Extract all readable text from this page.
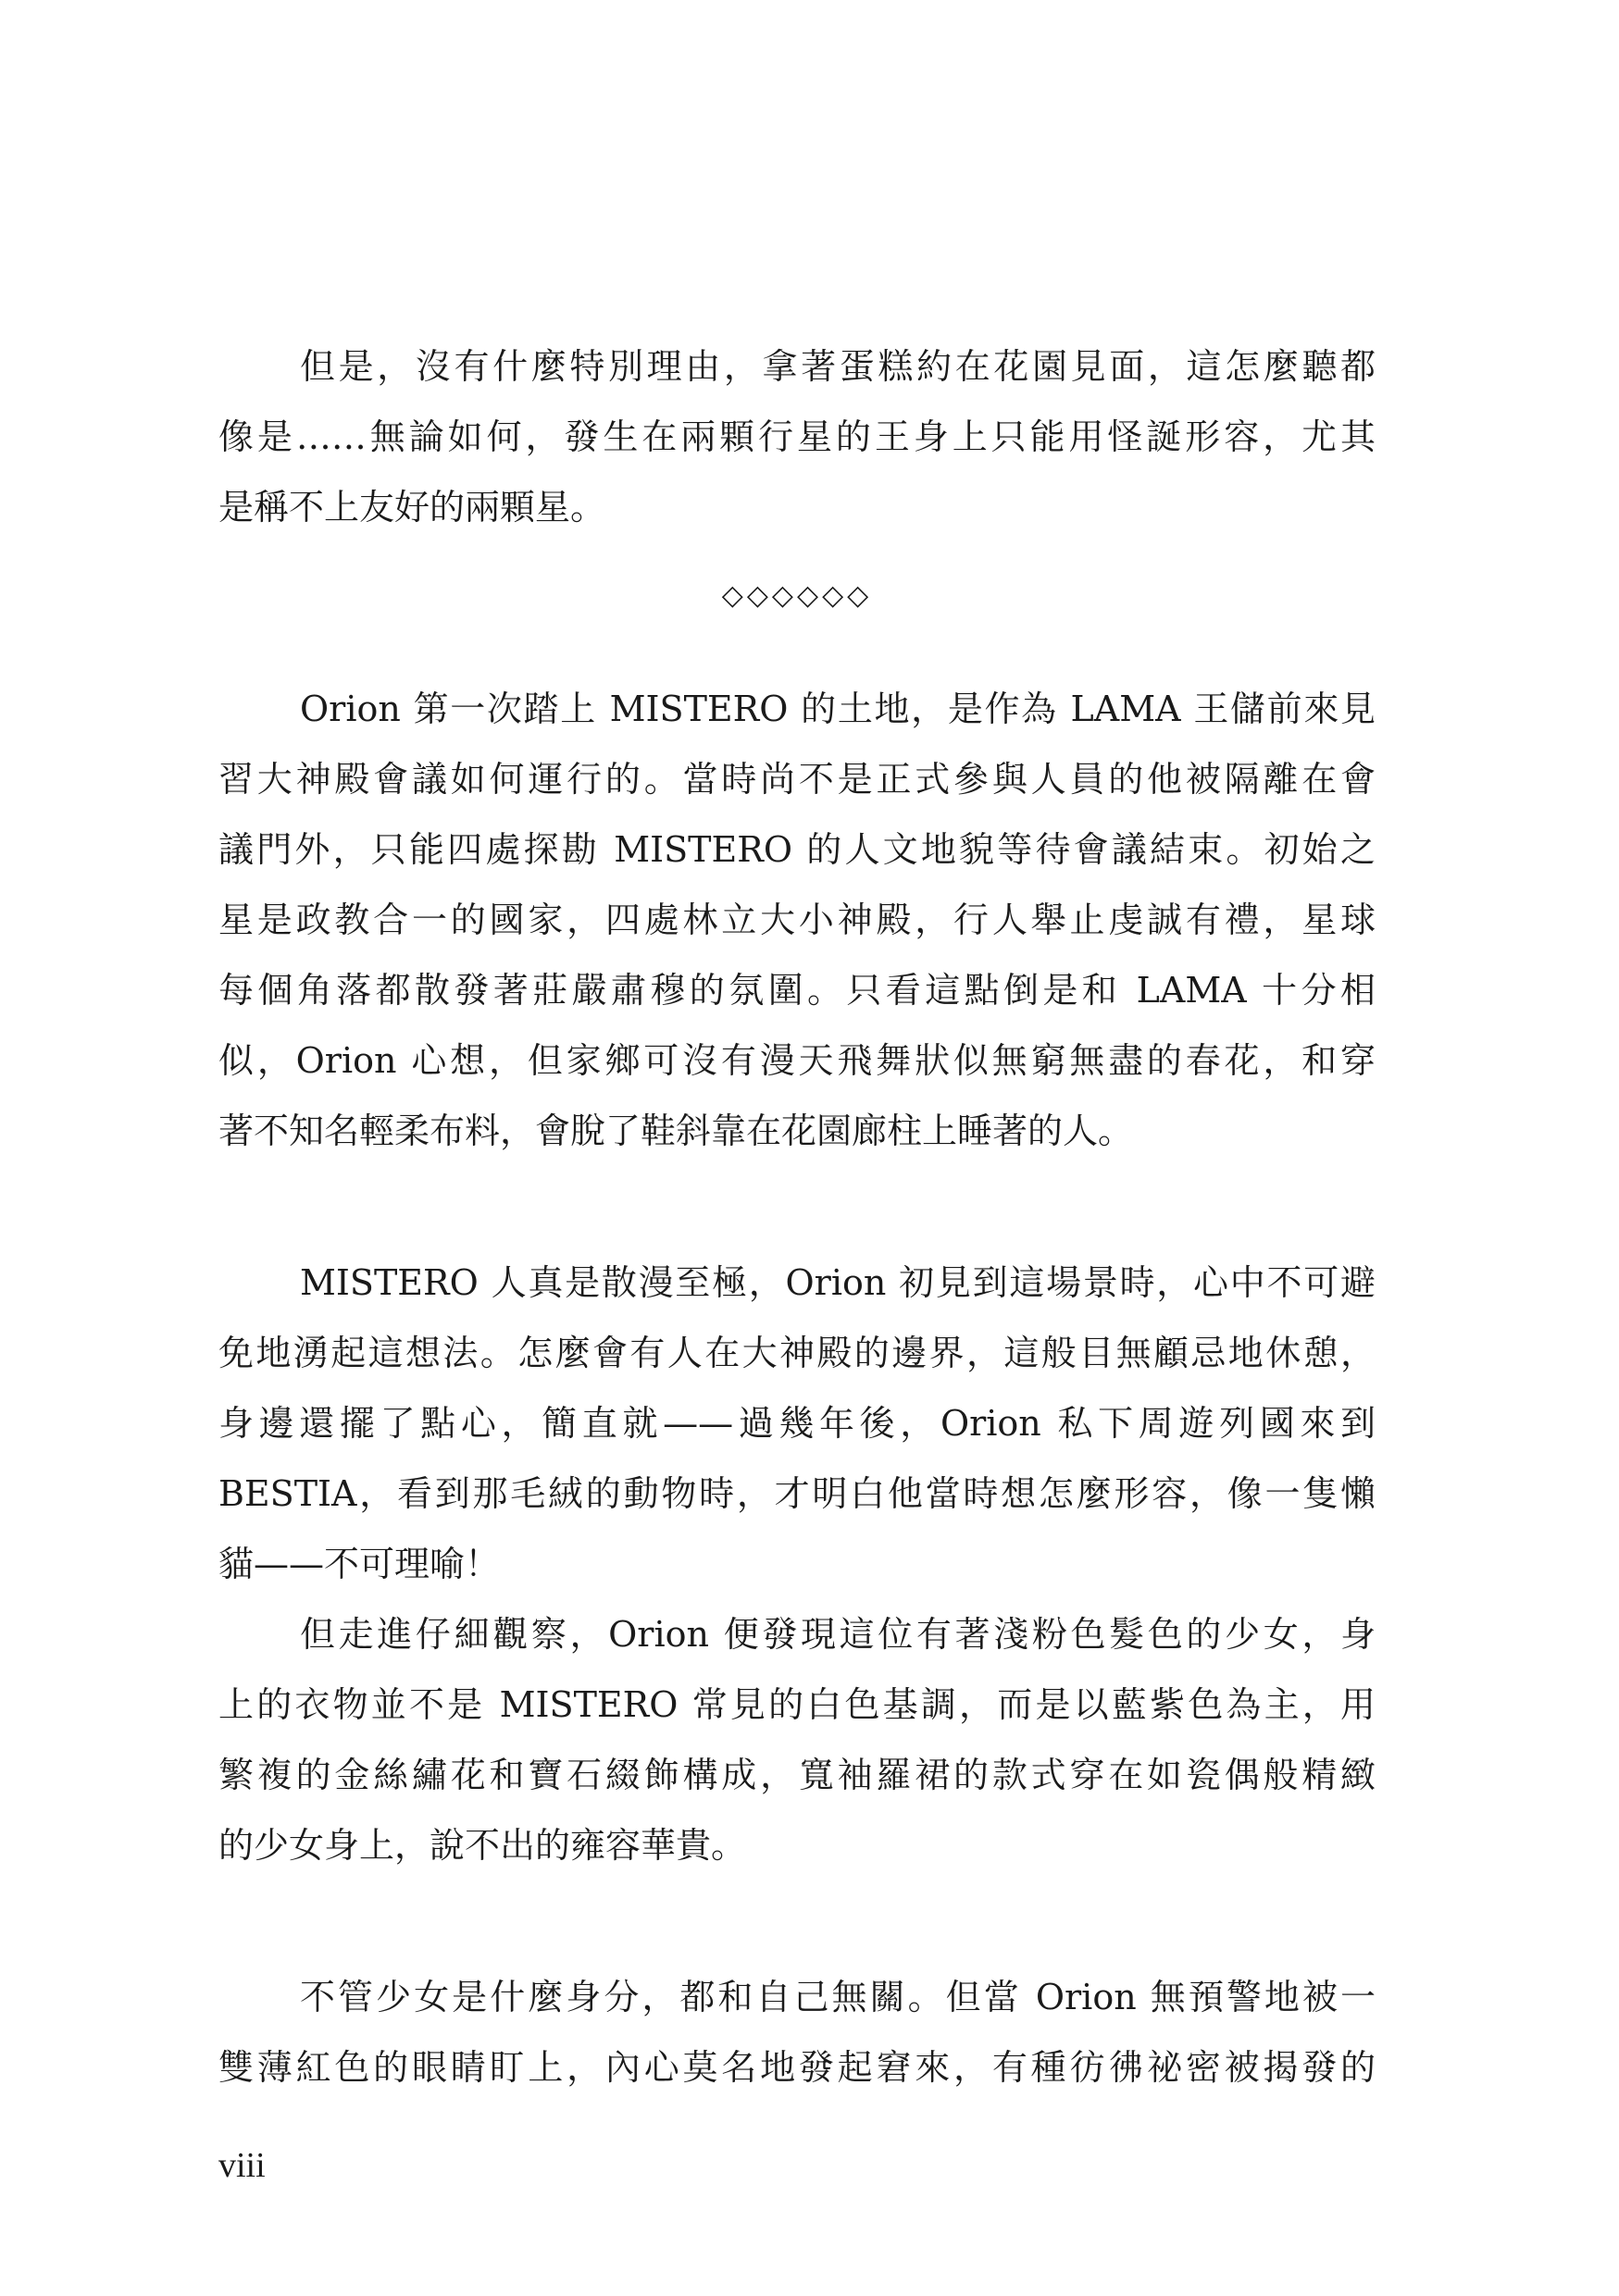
但是，沒有什麼特別理由，拿著蛋糕約在花園見面，這怎麼聽都
像是……無論如何，發生在兩顆行星的王身上只能用怪誕形容，尤其
是稱不上友好的兩顆星。
◇◇◇◇◇◇
Orion 第一次踏上 MISTERO 的土地，是作為 LAMA 王儲前來見
習大神殿會議如何運行的。當時尚不是正式參與人員的他被隔離在會
議門外，只能四處探勘 MISTERO 的人文地貌等待會議結束。初始之
星是政教合一的國家，四處林立大小神殿，行人舉止虔誠有禮，星球
每個角落都散發著莊嚴肅穆的氛圍。只看這點倒是和 LAMA 十分相
似，Orion 心想，但家鄉可沒有漫天飛舞狀似無窮無盡的春花，和穿
著不知名輕柔布料，會脫了鞋斜靠在花園廊柱上睡著的人。
MISTERO 人真是散漫至極，Orion 初見到這場景時，心中不可避
免地湧起這想法。怎麼會有人在大神殿的邊界，這般目無顧忌地休憩，
身邊還擺了點心，簡直就——過幾年後，Orion 私下周遊列國來到
BESTIA，看到那毛絨的動物時，才明白他當時想怎麼形容，像一隻懶
貓——不可理喻！
但走進仔細觀察，Orion 便發現這位有著淺粉色髮色的少女，身
上的衣物並不是 MISTERO 常見的白色基調，而是以藍紫色為主，用
繁複的金絲繡花和寶石綴飾構成，寬袖羅裙的款式穿在如瓷偶般精緻
的少女身上，說不出的雍容華貴。
不管少女是什麼身分，都和自己無關。但當 Orion 無預警地被一
雙薄紅色的眼睛盯上，內心莫名地發起窘來，有種彷彿祕密被揭發的
viii
